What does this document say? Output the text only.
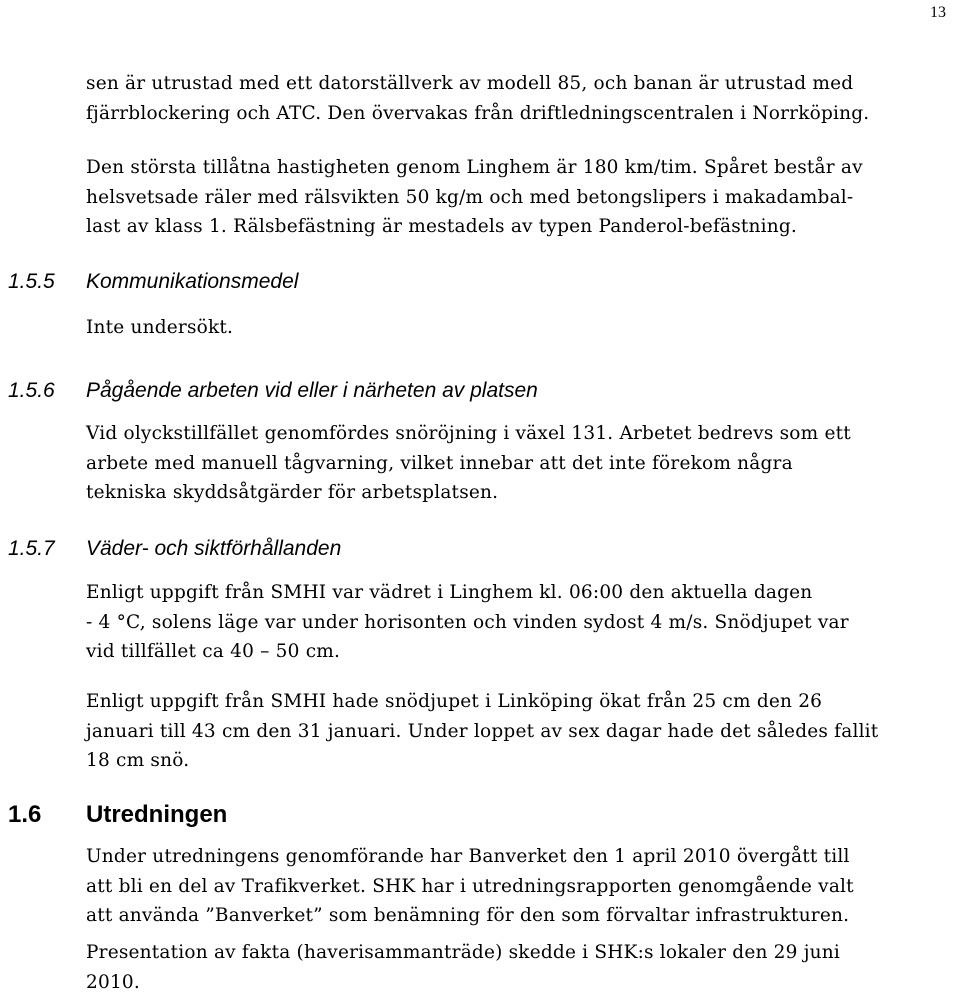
13
sen är utrustad med ett datorställverk av modell 85, och banan är utrustad med
fjärrblockering och ATC. Den övervakas från driftledningscentralen i Norrköping.
Den största tillåtna hastigheten genom Linghem är 180 km/tim. Spåret består av
helsvetsade räler med rälsvikten 50 kg/m och med betongslipers i makadambal-
last av klass 1. Rälsbefästning är mestadels av typen Panderol-befästning.
1.5.5 Kommunikationsmedel
Inte undersökt.
1.5.6 Pågående arbeten vid eller i närheten av platsen
Vid olyckstillfället genomfördes snöröjning i växel 131. Arbetet bedrevs som ett
arbete med manuell tågvarning, vilket innebar att det inte förekom några
tekniska skyddsåtgärder för arbetsplatsen.
1.5.7 Väder- och siktförhållanden
Enligt uppgift från SMHI var vädret i Linghem kl. 06:00 den aktuella dagen
- 4 °C, solens läge var under horisonten och vinden sydost 4 m/s. Snödjupet var
vid tillfället ca 40 – 50 cm.
Enligt uppgift från SMHI hade snödjupet i Linköping ökat från 25 cm den 26
januari till 43 cm den 31 januari. Under loppet av sex dagar hade det således fallit
18 cm snö.
1.6 Utredningen
Under utredningens genomförande har Banverket den 1 april 2010 övergått till
att bli en del av Trafikverket. SHK har i utredningsrapporten genomgående valt
att använda ”Banverket” som benämning för den som förvaltar infrastrukturen.
Presentation av fakta (haverisammanträde) skedde i SHK:s lokaler den 29 juni
2010.
